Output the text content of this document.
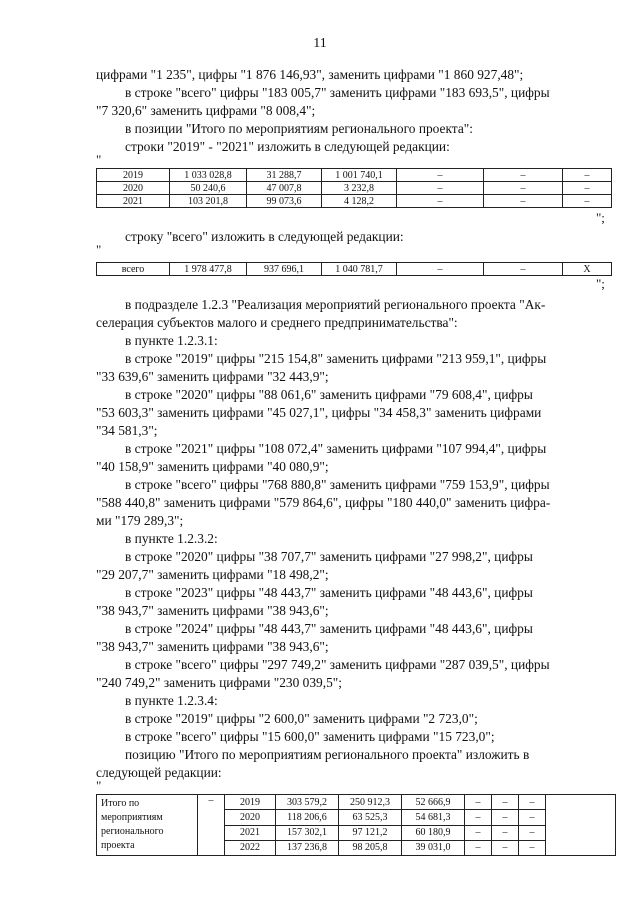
11
цифрами "1 235", цифры "1 876 146,93", заменить цифрами "1 860 927,48";
в строке "всего" цифры "183 005,7" заменить цифрами "183 693,5", цифры
"7 320,6" заменить цифрами "8 008,4";
в позиции "Итого по мероприятиям регионального проекта":
строки "2019" - "2021" изложить в следующей редакции:
"
2019	1 033 028,8	31 288,7	1 001 740,1	–	–	–
2020	50 240,6	47 007,8	3 232,8	–	–	–
2021	103 201,8	99 073,6	4 128,2	–	–	–
";
строку "всего" изложить в следующей редакции:
"
всего	1 978 477,8	937 696,1	1 040 781,7	–	–	X
";
в подразделе 1.2.3 "Реализация мероприятий регионального проекта "Ак-
селерация субъектов малого и среднего предпринимательства":
в пункте 1.2.3.1:
в строке "2019" цифры "215 154,8" заменить цифрами "213 959,1", цифры
"33 639,6" заменить цифрами "32 443,9";
в строке "2020" цифры "88 061,6" заменить цифрами "79 608,4", цифры
"53 603,3" заменить цифрами "45 027,1", цифры "34 458,3" заменить цифрами
"34 581,3";
в строке "2021" цифры "108 072,4" заменить цифрами "107 994,4", цифры
"40 158,9" заменить цифрами "40 080,9";
в строке "всего" цифры "768 880,8" заменить цифрами "759 153,9", цифры
"588 440,8" заменить цифрами "579 864,6", цифры "180 440,0" заменить цифра-
ми "179 289,3";
в пункте 1.2.3.2:
в строке "2020" цифры "38 707,7" заменить цифрами "27 998,2", цифры
"29 207,7" заменить цифрами "18 498,2";
в строке "2023" цифры "48 443,7" заменить цифрами "48 443,6", цифры
"38 943,7" заменить цифрами "38 943,6";
в строке "2024" цифры "48 443,7" заменить цифрами "48 443,6", цифры
"38 943,7" заменить цифрами "38 943,6";
в строке "всего" цифры "297 749,2" заменить цифрами "287 039,5", цифры
"240 749,2" заменить цифрами "230 039,5";
в пункте 1.2.3.4:
в строке "2019" цифры "2 600,0" заменить цифрами "2 723,0";
в строке "всего" цифры "15 600,0" заменить цифрами "15 723,0";
позицию "Итого по мероприятиям регионального проекта" изложить в
следующей редакции:
"
Итого по мероприятиям регионального проекта	–	2019	303 579,2	250 912,3	52 666,9	–	–	–	
		2020	118 206,6	63 525,3	54 681,3	–	–	–	
		2021	157 302,1	97 121,2	60 180,9	–	–	–	
		2022	137 236,8	98 205,8	39 031,0	–	–	–	
